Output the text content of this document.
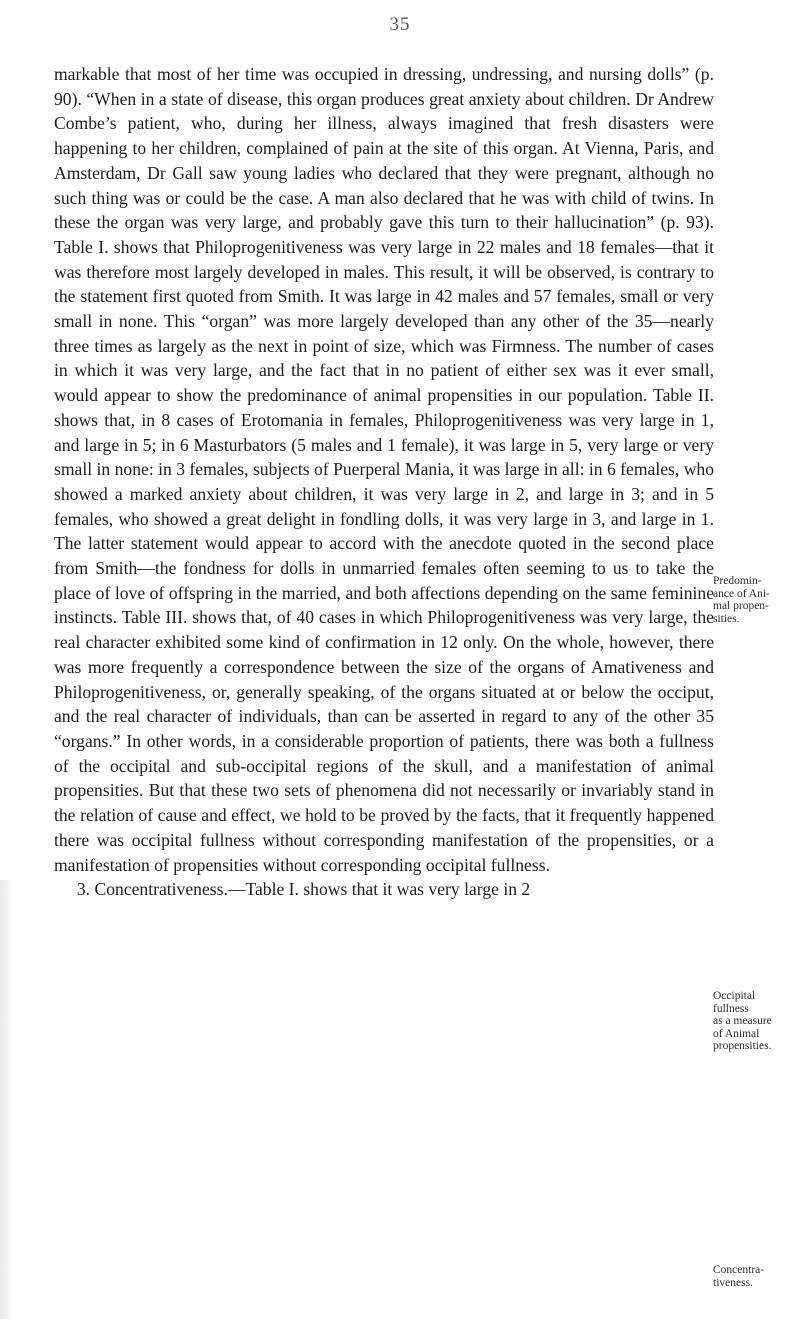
35

markable that most of her time was occupied in dressing, undressing, and nursing dolls” (p. 90). “When in a state of disease, this organ produces great anxiety about children. Dr Andrew Combe’s patient, who, during her illness, always imagined that fresh disasters were happening to her children, complained of pain at the site of this organ. At Vienna, Paris, and Amsterdam, Dr Gall saw young ladies who declared that they were pregnant, although no such thing was or could be the case. A man also declared that he was with child of twins. In these the organ was very large, and probably gave this turn to their hallucination” (p. 93). Table I. shows that Philoprogenitiveness was very large in 22 males and 18 females—that it was therefore most largely developed in males. This result, it will be observed, is contrary to the statement first quoted from Smith. It was large in 42 males and 57 females, small or very small in none. This “organ” was more largely developed than any other of the 35—nearly three times as largely as the next in point of size, which was Firmness. The number of cases in which it was very large, and the fact that in no patient of either sex was it ever small, would appear to show the predominance of animal propensities in our population. Table II. shows that, in 8 cases of Erotomania in females, Philoprogenitiveness was very large in 1, and large in 5; in 6 Masturbators (5 males and 1 female), it was large in 5, very large or very small in none: in 3 females, subjects of Puerperal Mania, it was large in all: in 6 females, who showed a marked anxiety about children, it was very large in 2, and large in 3; and in 5 females, who showed a great delight in fondling dolls, it was very large in 3, and large in 1. The latter statement would appear to accord with the anecdote quoted in the second place from Smith—the fondness for dolls in unmarried females often seeming to us to take the place of love of offspring in the married, and both affections depending on the same feminine instincts. Table III. shows that, of 40 cases in which Philoprogenitiveness was very large, the real character exhibited some kind of confirmation in 12 only. On the whole, however, there was more frequently a correspondence between the size of the organs of Amativeness and Philoprogenitiveness, or, generally speaking, of the organs situated at or below the occiput, and the real character of individuals, than can be asserted in regard to any of the other 35 “organs.” In other words, in a considerable proportion of patients, there was both a fullness of the occipital and sub-occipital regions of the skull, and a manifestation of animal propensities. But that these two sets of phenomena did not necessarily or invariably stand in the relation of cause and effect, we hold to be proved by the facts, that it frequently happened there was occipital fullness without corresponding manifestation of the propensities, or a manifestation of propensities without corresponding occipital fullness.

3. Concentrativeness.—Table I. shows that it was very large in 2

Predomin-
ance of Ani-
mal propen-
sities.
Occipital
fullness
as a measure
of Animal
propensities.
Concentra-
tiveness.
